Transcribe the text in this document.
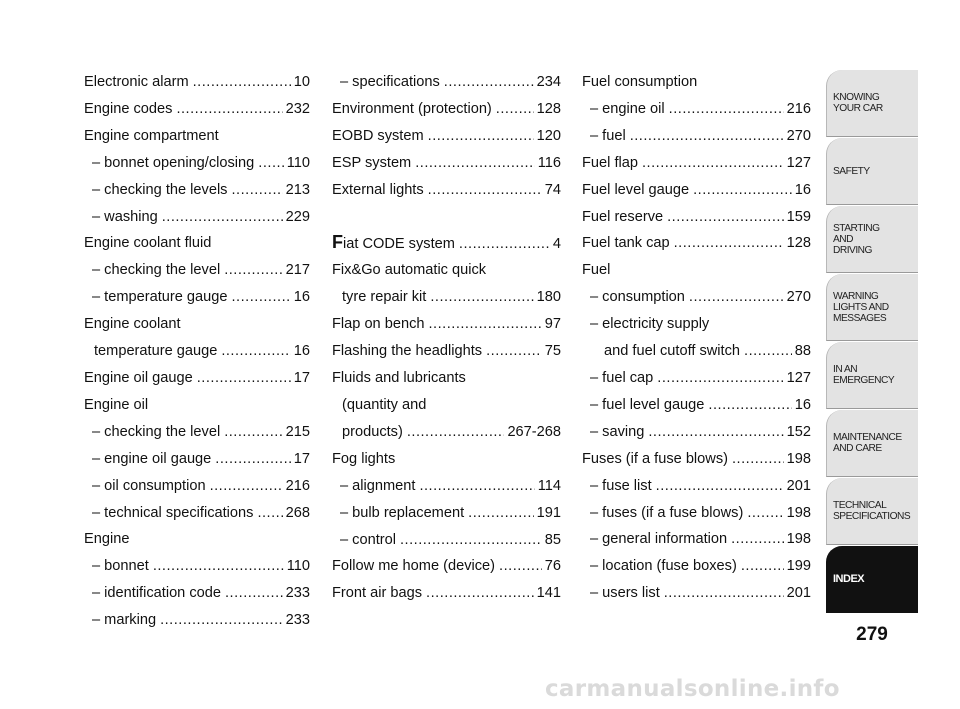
Electronic alarm .....	10
Engine codes .....	232
Engine compartment
– bonnet opening/closing ..... 110
– checking the levels .....	213
– washing .....	229
Engine coolant fluid
– checking the level .....	217
– temperature gauge .....	16
Engine coolant
temperature gauge .....	16
Engine oil gauge .....	17
Engine oil
– checking the level .....	215
– engine oil gauge .....	17
– oil consumption .....	216
– technical specifications ..... 268
Engine
– bonnet .....	110
– identification code .....	233
– marking .....	233
– specifications .....	234
Environment (protection) .....	128
EOBD system .....	120
ESP system .....	116
External lights .....	74
Fiat CODE system .....	4
Fix&Go automatic quick
tyre repair kit .....	180
Flap on bench .....	97
Flashing the headlights .....	75
Fluids and lubricants
(quantity and
products) .....	267-268
Fog lights
– alignment .....	114
– bulb replacement .....	191
– control .....	85
Follow me home (device) .....	76
Front air bags .....	141
Fuel consumption
– engine oil .....	216
– fuel .....	270
Fuel flap .....	127
Fuel level gauge .....	16
Fuel reserve .....	159
Fuel tank cap .....	128
Fuel
– consumption .....	270
– electricity supply
and fuel cutoff switch .....	88
– fuel cap .....	127
– fuel level gauge .....	16
– saving .....	152
Fuses (if a fuse blows) .....	198
– fuse list .....	201
– fuses (if a fuse blows) .....	198
– general information .....	198
– location (fuse boxes) .....	199
– users list .....	201
KNOWING
YOUR CAR
SAFETY
STARTING
AND
DRIVING
WARNING
LIGHTS AND
MESSAGES
IN AN
EMERGENCY
MAINTENANCE
AND CARE
TECHNICAL
SPECIFICATIONS
INDEX
279
carmanualsonline.info
